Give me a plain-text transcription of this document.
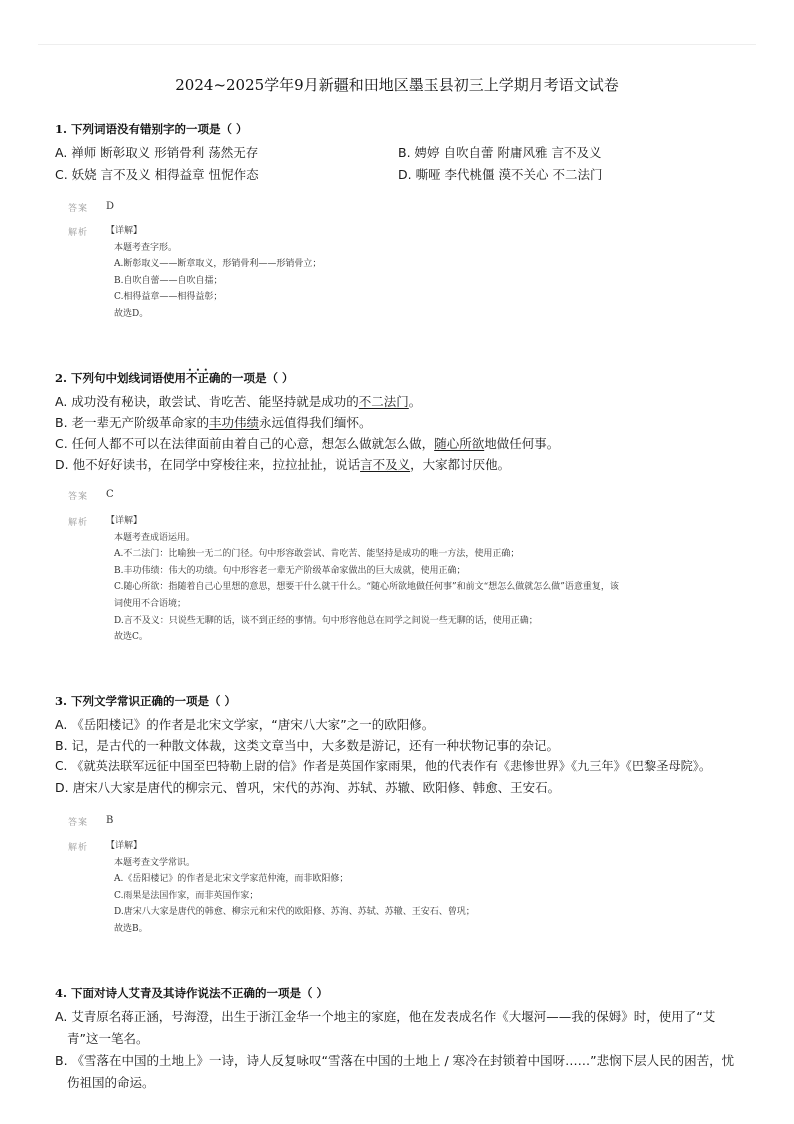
2024~2025学年9月新疆和田地区墨玉县初三上学期月考语文试卷
1. 下列词语没有错别字的一项是（ ）
A. 禅师 断彰取义 形销骨利 荡然无存	B. 娉婷 自吹自蕾 附庸风雅 言不及义
C. 妖娆 言不及义 相得益章 忸怩作态	D. 嘶哑 李代桃僵 漠不关心 不二法门
答案	D
解析	【详解】
本题考查字形。
A.断彰取义——断章取义，形销骨利——形销骨立；
B.自吹自蕾——自吹自擂；
C.相得益章——相得益彰；
故选D。
2. 下列句中划线词语使用• • • 不正确的一项是（ ）
A. 成功没有秘诀，敢尝试、肯吃苦、能坚持就是成功的不二法门。
B. 老一辈无产阶级革命家的丰功伟绩永远值得我们缅怀。
C. 任何人都不可以在法律面前由着自己的心意，想怎么做就怎么做，随心所欲地做任何事。
D. 他不好好读书，在同学中穿梭往来，拉拉扯扯，说话言不及义，大家都讨厌他。
答案	C
解析	【详解】
本题考查成语运用。
A.不二法门：比喻独一无二的门径。句中形容敢尝试、肯吃苦、能坚持是成功的唯一方法，使用正确；
B.丰功伟绩：伟大的功绩。句中形容老一辈无产阶级革命家做出的巨大成就，使用正确；
C.随心所欲：指随着自己心里想的意思，想要干什么就干什么。“随心所欲地做任何事”和前文“想怎么做就怎么做”语意重复，该
词使用不合语境；
D.言不及义：只说些无聊的话，谈不到正经的事情。句中形容他总在同学之间说一些无聊的话，使用正确；
故选C。
3. 下列文学常识正确的一项是（ ）
A. 《岳阳楼记》的作者是北宋文学家，“唐宋八大家”之一的欧阳修。
B. 记，是古代的一种散文体裁，这类文章当中，大多数是游记，还有一种状物记事的杂记。
C. 《就英法联军远征中国至巴特勒上尉的信》作者是英国作家雨果，他的代表作有《悲惨世界》《九三年》《巴黎圣母院》。
D. 唐宋八大家是唐代的柳宗元、曾巩，宋代的苏洵、苏轼、苏辙、欧阳修、韩愈、王安石。
答案	B
解析	【详解】
本题考查文学常识。
A.《岳阳楼记》的作者是北宋文学家范仲淹，而非欧阳修；
C.雨果是法国作家，而非英国作家；
D.唐宋八大家是唐代的韩愈、柳宗元和宋代的欧阳修、苏洵、苏轼、苏辙、王安石、曾巩；
故选B。
4. 下面对诗人艾青及其诗作说法不正确的一项是（ ）
A. 艾青原名蒋正涵，号海澄，出生于浙江金华一个地主的家庭，他在发表成名作《大堰河——我的保姆》时，使用了“艾青”这一笔名。
B. 《雪落在中国的土地上》一诗，诗人反复咏叹“雪落在中国的土地上 / 寒冷在封锁着中国呀……”悲悯下层人民的困苦，忧伤祖国的命运。
